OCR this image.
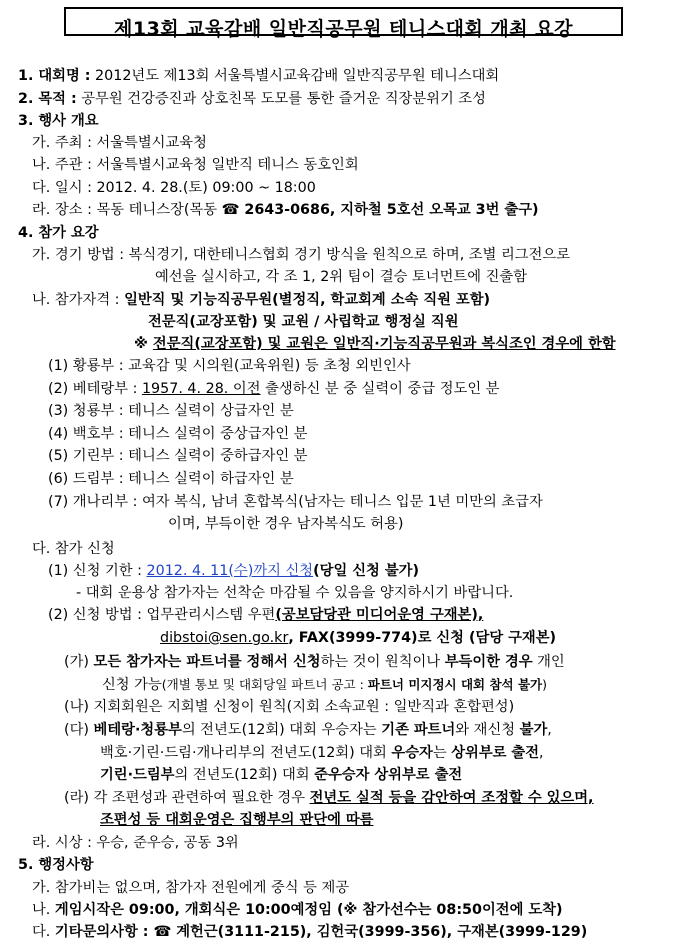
제13회 교육감배 일반직공무원 테니스대회 개최 요강
1. 대회명 : 2012년도 제13회 서울특별시교육감배 일반직공무원 테니스대회
2. 목적 : 공무원 건강증진과 상호친목 도모를 통한 즐거운 직장분위기 조성
3. 행사 개요
가. 주최 : 서울특별시교육청
나. 주관 : 서울특별시교육청 일반직 테니스 동호인회
다. 일시 : 2012. 4. 28.(토) 09:00 ~ 18:00
라. 장소 : 목동 테니스장(목동 ☎ 2643-0686, 지하철 5호선 오목교 3번 출구)
4. 참가 요강
가. 경기 방법 : 복식경기, 대한테니스협회 경기 방식을 원칙으로 하며, 조별 리그전으로
예선을 실시하고, 각 조 1, 2위 팀이 결승 토너먼트에 진출함
나. 참가자격 : 일반직 및 기능직공무원(별정직, 학교회계 소속 직원 포함)
전문직(교장포함) 및 교원 / 사립학교 행정실 직원
※ 전문직(교장포함) 및 교원은 일반직·기능직공무원과 복식조인 경우에 한함
(1) 황룡부 : 교육감 및 시의원(교육위원) 등 초청 외빈인사
(2) 베테랑부 : 1957. 4. 28. 이전 출생하신 분 중 실력이 중급 정도인 분
(3) 청룡부 : 테니스 실력이 상급자인 분
(4) 백호부 : 테니스 실력이 중상급자인 분
(5) 기린부 : 테니스 실력이 중하급자인 분
(6) 드림부 : 테니스 실력이 하급자인 분
(7) 개나리부 : 여자 복식, 남녀 혼합복식(남자는 테니스 입문 1년 미만의 초급자
이며, 부득이한 경우 남자복식도 허용)
다. 참가 신청
(1) 신청 기한 : 2012. 4. 11(수)까지 신청(당일 신청 불가)
- 대회 운용상 참가자는 선착순 마감될 수 있음을 양지하시기 바랍니다.
(2) 신청 방법 : 업무관리시스템 우편(공보담당관 미디어운영 구재본),
dibstoi@sen.go.kr, FAX(3999-774)로 신청 (담당 구재본)
(가) 모든 참가자는 파트너를 정해서 신청하는 것이 원칙이나 부득이한 경우 개인
신청 가능(개별 통보 및 대회당일 파트너 공고 : 파트너 미지정시 대회 참석 불가)
(나) 지회회원은 지회별 신청이 원칙(지회 소속교원 : 일반직과 혼합편성)
(다) 베테랑·청룡부의 전년도(12회) 대회 우승자는 기존 파트너와 재신청 불가,
백호·기린·드림·개나리부의 전년도(12회) 대회 우승자는 상위부로 출전,
기린·드림부의 전년도(12회) 대회 준우승자 상위부로 출전
(라) 각 조편성과 관련하여 필요한 경우 전년도 실적 등을 감안하여 조정할 수 있으며,
조편성 등 대회운영은 집행부의 판단에 따름
라. 시상 : 우승, 준우승, 공동 3위
5. 행정사항
가. 참가비는 없으며, 참가자 전원에게 중식 등 제공
나. 게임시작은 09:00, 개회식은 10:00예정임 (※ 참가선수는 08:50이전에 도착)
다. 기타문의사항 : ☎ 계헌근(3111-215), 김헌국(3999-356), 구재본(3999-129)
